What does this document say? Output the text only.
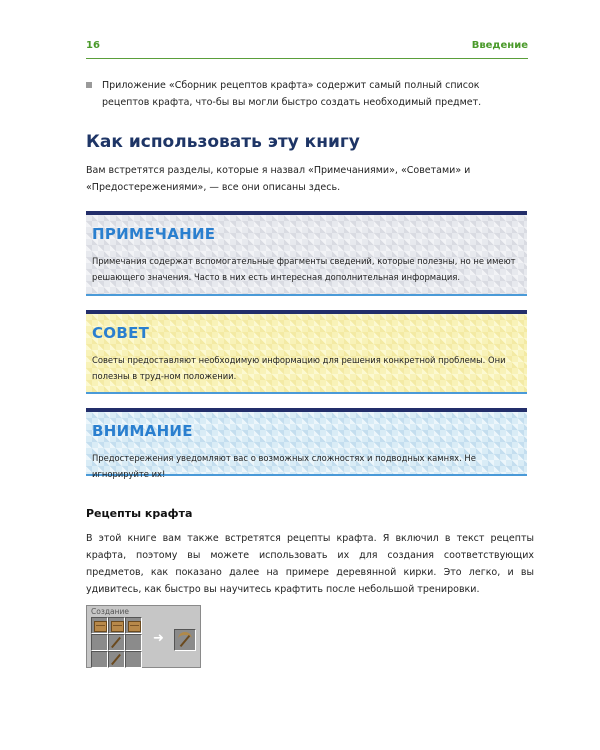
16	Введение
Приложение «Сборник рецептов крафта» содержит самый полный список рецептов крафта, что-бы вы могли быстро создать необходимый предмет.
Как использовать эту книгу
Вам встретятся разделы, которые я назвал «Примечаниями», «Советами» и «Предостережениями», — все они описаны здесь.
ПРИМЕЧАНИЕ
Примечания содержат вспомогательные фрагменты сведений, которые полезны, но не имеют решающего значения. Часто в них есть интересная дополнительная информация.
СОВЕТ
Советы предоставляют необходимую информацию для решения конкретной проблемы. Они полезны в труд-ном положении.
ВНИМАНИЕ
Предостережения уведомляют вас о возможных сложностях и подводных камнях. Не игнорируйте их!
Рецепты крафта
В этой книге вам также встретятся рецепты крафта. Я включил в текст рецепты крафта, поэтому вы можете использовать их для создания соответствующих предметов, как показано далее на примере деревянной кирки. Это легко, и вы удивитесь, как быстро вы научитесь крафтить после небольшой тренировки.
Создание
➜
